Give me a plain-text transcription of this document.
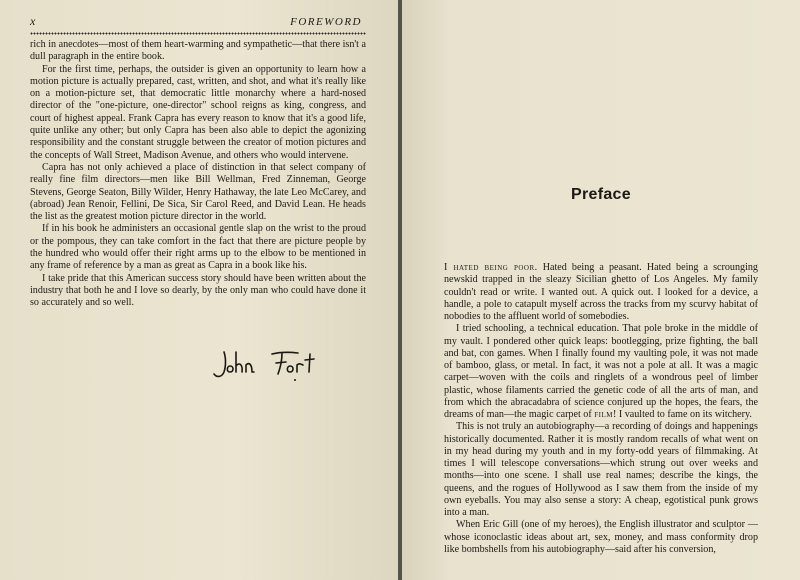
x	FOREWORD

rich in anecdotes—most of them heart-warming and sympathetic—that there isn't a dull paragraph in the entire book.

For the first time, perhaps, the outsider is given an opportunity to learn how a motion picture is actually prepared, cast, written, and shot, and what it's really like on a motion-picture set, that democratic little monarchy where a hard-nosed director of the "one-picture, one-director" school reigns as king, congress, and court of highest appeal. Frank Capra has every reason to know that it's a good life, quite unlike any other; but only Capra has been also able to depict the agonizing responsibility and the constant struggle between the creator of motion pictures and the concepts of Wall Street, Madison Avenue, and others who would intervene.

Capra has not only achieved a place of distinction in that select company of really fine film directors—men like Bill Wellman, Fred Zinneman, George Stevens, George Seaton, Billy Wilder, Henry Hathaway, the late Leo McCarey, and (abroad) Jean Renoir, Fellini, De Sica, Sir Carol Reed, and David Lean. He heads the list as the greatest motion picture director in the world.

If in his book he administers an occasional gentle slap on the wrist to the proud or the pompous, they can take comfort in the fact that there are picture people by the hundred who would offer their right arms up to the elbow to be mentioned in any frame of reference by a man as great as Capra in a book like his.

I take pride that this American success story should have been written about the industry that both he and I love so dearly, by the only man who could have done it so accurately and so well.

Preface

I hated being poor. Hated being a peasant. Hated being a scrounging newskid trapped in the sleazy Sicilian ghetto of Los Angeles. My family couldn't read or write. I wanted out. A quick out. I looked for a device, a handle, a pole to catapult myself across the tracks from my scurvy habitat of nobodies to the affluent world of somebodies.

I tried schooling, a technical education. That pole broke in the middle of my vault. I pondered other quick leaps: bootlegging, prize fighting, the ball and bat, con games. When I finally found my vaulting pole, it was not made of bamboo, glass, or metal. In fact, it was not a pole at all. It was a magic carpet—woven with the coils and ringlets of a wondrous peel of limber plastic, whose filaments carried the genetic code of all the arts of man, and from which the abracadabra of science conjured up the hopes, the fears, the dreams of man—the magic carpet of film! I vaulted to fame on its witchery.

This is not truly an autobiography—a recording of doings and happenings historically documented. Rather it is mostly random recalls of what went on in my head during my youth and in my forty-odd years of filmmaking. At times I will telescope conversations—which strung out over weeks and months—into one scene. I shall use real names; describe the kings, the queens, and the rogues of Hollywood as I saw them from the inside of my own eyeballs. You may also sense a story: A cheap, egotistical punk grows into a man.

When Eric Gill (one of my heroes), the English illustrator and sculptor —whose iconoclastic ideas about art, sex, money, and mass conformity drop like bombshells from his autobiography—said after his conversion,
